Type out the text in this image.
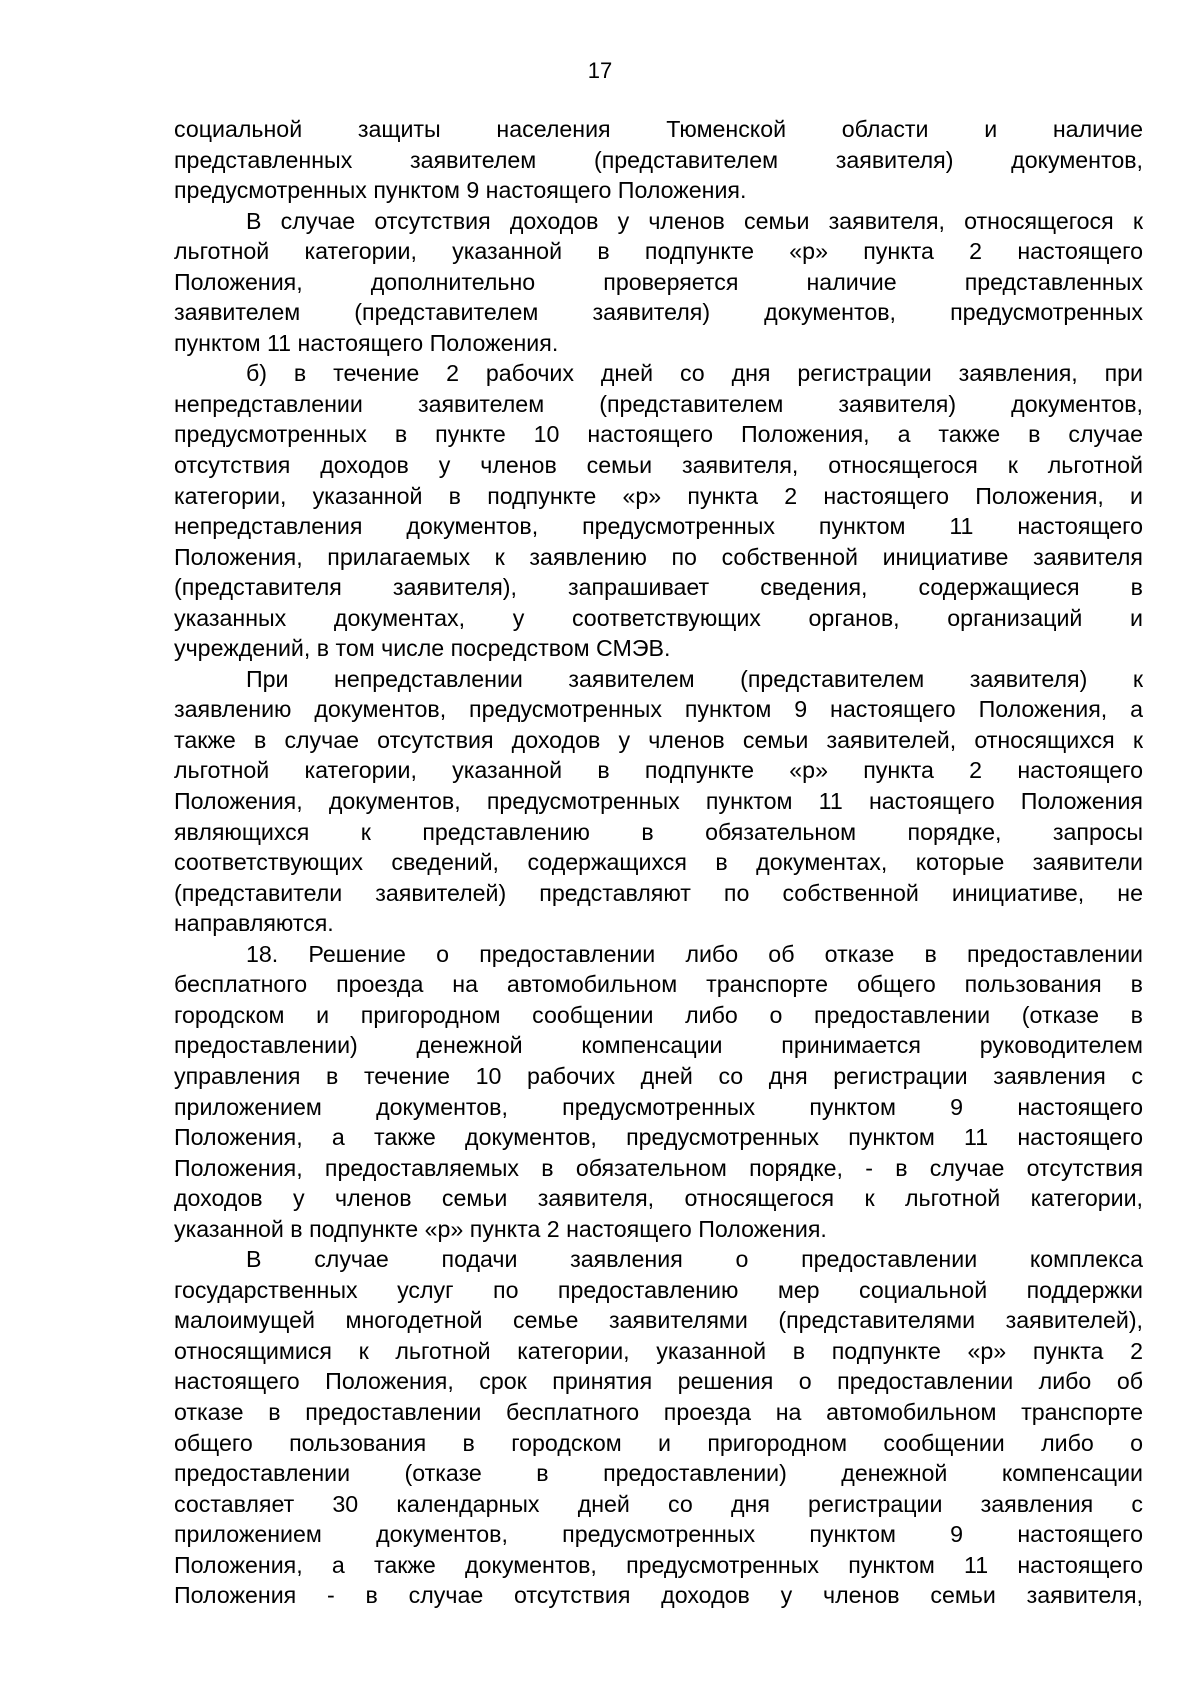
17
социальной защиты населения Тюменской области и наличие
представленных заявителем (представителем заявителя) документов,
предусмотренных пунктом 9 настоящего Положения.
В случае отсутствия доходов у членов семьи заявителя, относящегося к
льготной категории, указанной в подпункте «р» пункта 2 настоящего
Положения, дополнительно проверяется наличие представленных
заявителем (представителем заявителя) документов, предусмотренных
пунктом 11 настоящего Положения.
б) в течение 2 рабочих дней со дня регистрации заявления, при
непредставлении заявителем (представителем заявителя) документов,
предусмотренных в пункте 10 настоящего Положения, а также в случае
отсутствия доходов у членов семьи заявителя, относящегося к льготной
категории, указанной в подпункте «р» пункта 2 настоящего Положения, и
непредставления документов, предусмотренных пунктом 11 настоящего
Положения, прилагаемых к заявлению по собственной инициативе заявителя
(представителя заявителя), запрашивает сведения, содержащиеся в
указанных документах, у соответствующих органов, организаций и
учреждений, в том числе посредством СМЭВ.
При непредставлении заявителем (представителем заявителя) к
заявлению документов, предусмотренных пунктом 9 настоящего Положения, а
также в случае отсутствия доходов у членов семьи заявителей, относящихся к
льготной категории, указанной в подпункте «р» пункта 2 настоящего
Положения, документов, предусмотренных пунктом 11 настоящего Положения
являющихся к представлению в обязательном порядке, запросы
соответствующих сведений, содержащихся в документах, которые заявители
(представители заявителей) представляют по собственной инициативе, не
направляются.
18. Решение о предоставлении либо об отказе в предоставлении
бесплатного проезда на автомобильном транспорте общего пользования в
городском и пригородном сообщении либо о предоставлении (отказе в
предоставлении) денежной компенсации принимается руководителем
управления в течение 10 рабочих дней со дня регистрации заявления с
приложением документов, предусмотренных пунктом 9 настоящего
Положения, а также документов, предусмотренных пунктом 11 настоящего
Положения, предоставляемых в обязательном порядке, - в случае отсутствия
доходов у членов семьи заявителя, относящегося к льготной категории,
указанной в подпункте «р» пункта 2 настоящего Положения.
В случае подачи заявления о предоставлении комплекса
государственных услуг по предоставлению мер социальной поддержки
малоимущей многодетной семье заявителями (представителями заявителей),
относящимися к льготной категории, указанной в подпункте «р» пункта 2
настоящего Положения, срок принятия решения о предоставлении либо об
отказе в предоставлении бесплатного проезда на автомобильном транспорте
общего пользования в городском и пригородном сообщении либо о
предоставлении (отказе в предоставлении) денежной компенсации
составляет 30 календарных дней со дня регистрации заявления с
приложением документов, предусмотренных пунктом 9 настоящего
Положения, а также документов, предусмотренных пунктом 11 настоящего
Положения - в случае отсутствия доходов у членов семьи заявителя,
